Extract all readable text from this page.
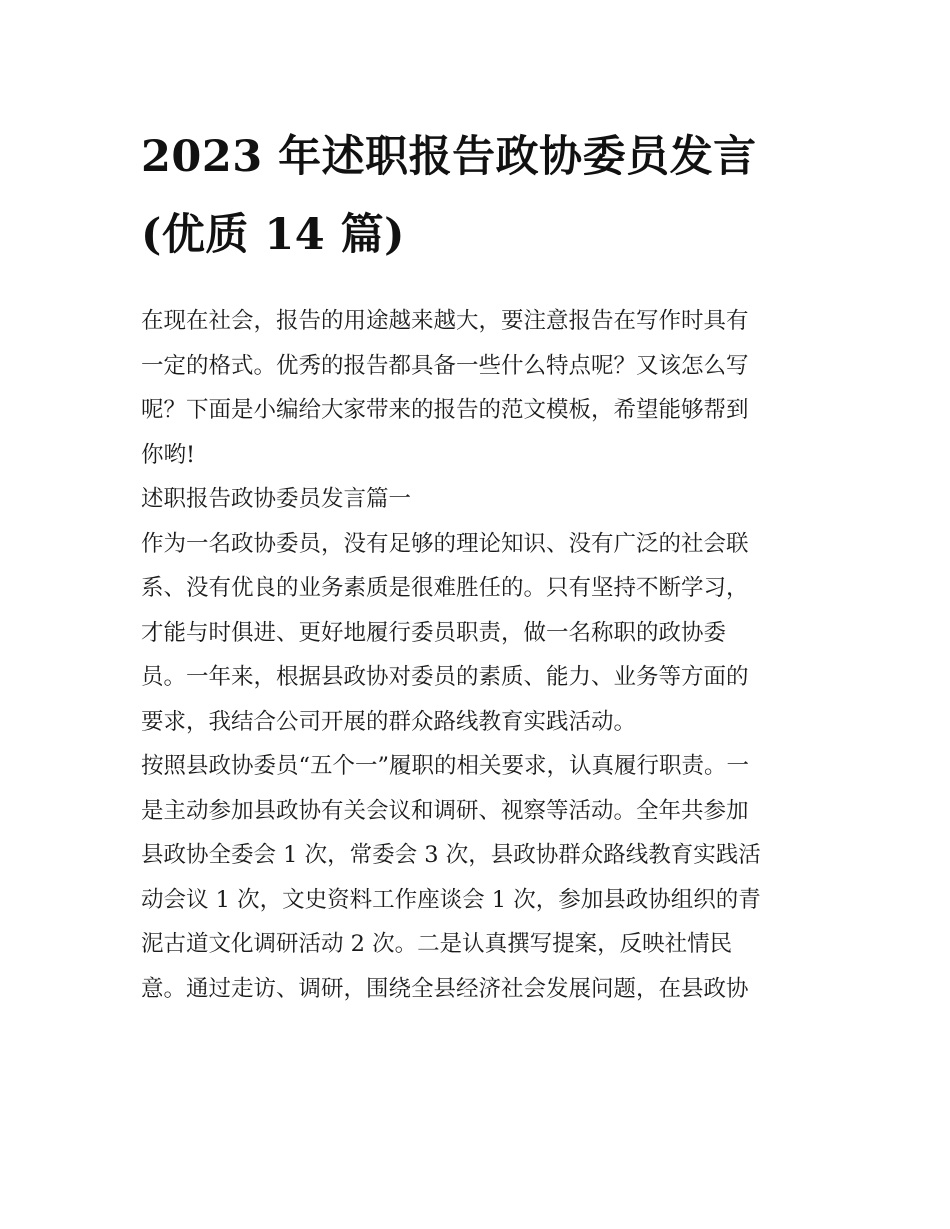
2023 年述职报告政协委员发言
(优质 14 篇)

在现在社会，报告的用途越来越大，要注意报告在写作时具有
一定的格式。优秀的报告都具备一些什么特点呢？又该怎么写
呢？下面是小编给大家带来的报告的范文模板，希望能够帮到
你哟!

述职报告政协委员发言篇一

作为一名政协委员，没有足够的理论知识、没有广泛的社会联
系、没有优良的业务素质是很难胜任的。只有坚持不断学习，
才能与时俱进、更好地履行委员职责，做一名称职的政协委
员。一年来，根据县政协对委员的素质、能力、业务等方面的
要求，我结合公司开展的群众路线教育实践活动。

按照县政协委员“五个一”履职的相关要求，认真履行职责。一
是主动参加县政协有关会议和调研、视察等活动。全年共参加
县政协全委会 1 次，常委会 3 次，县政协群众路线教育实践活
动会议 1 次，文史资料工作座谈会 1 次，参加县政协组织的青
泥古道文化调研活动 2 次。二是认真撰写提案，反映社情民
意。通过走访、调研，围绕全县经济社会发展问题，在县政协
